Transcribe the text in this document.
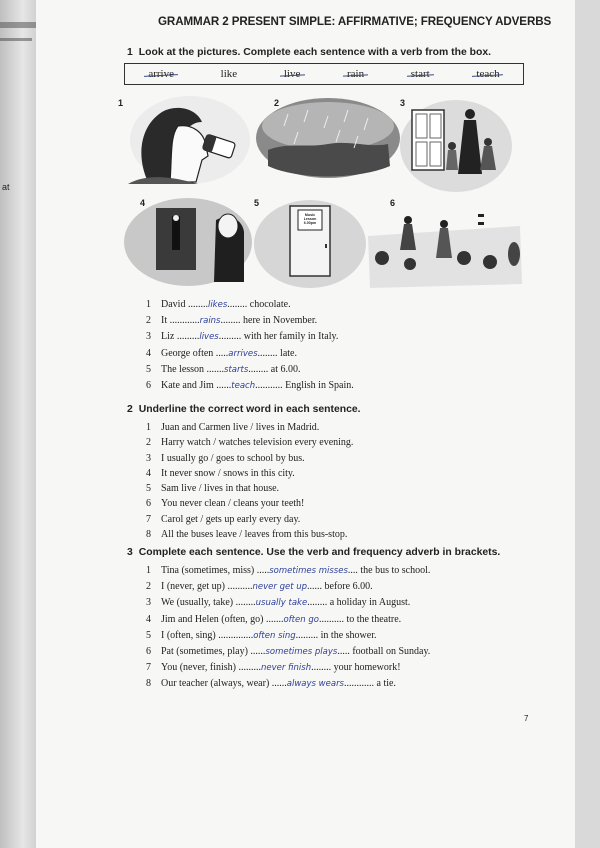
at
GRAMMAR 2 PRESENT SIMPLE: AFFIRMATIVE; FREQUENCY ADVERBS
1 Look at the pictures. Complete each sentence with a verb from the box.
arrive	like	live	rain	start	teach
1	2	3
4	5	6
Music Lesson 6.00pm
1 David ........likes........ chocolate.
2 It ............rains........ here in November.
3 Liz .........lives......... with her family in Italy.
4 George often .....arrives........ late.
5 The lesson .......starts........ at 6.00.
6 Kate and Jim ......teach........... English in Spain.
2 Underline the correct word in each sentence.
1 Juan and Carmen live / lives in Madrid.
2 Harry watch / watches television every evening.
3 I usually go / goes to school by bus.
4 It never snow / snows in this city.
5 Sam live / lives in that house.
6 You never clean / cleans your teeth!
7 Carol get / gets up early every day.
8 All the buses leave / leaves from this bus-stop.
3 Complete each sentence. Use the verb and frequency adverb in brackets.
1 Tina (sometimes, miss) .....sometimes misses.... the bus to school.
2 I (never, get up) ..........never get up...... before 6.00.
3 We (usually, take) ........usually take........ a holiday in August.
4 Jim and Helen (often, go) .......often go.......... to the theatre.
5 I (often, sing) ..............often sing......... in the shower.
6 Pat (sometimes, play) ......sometimes plays..... football on Sunday.
7 You (never, finish) .........never finish........ your homework!
8 Our teacher (always, wear) ......always wears............ a tie.
7
